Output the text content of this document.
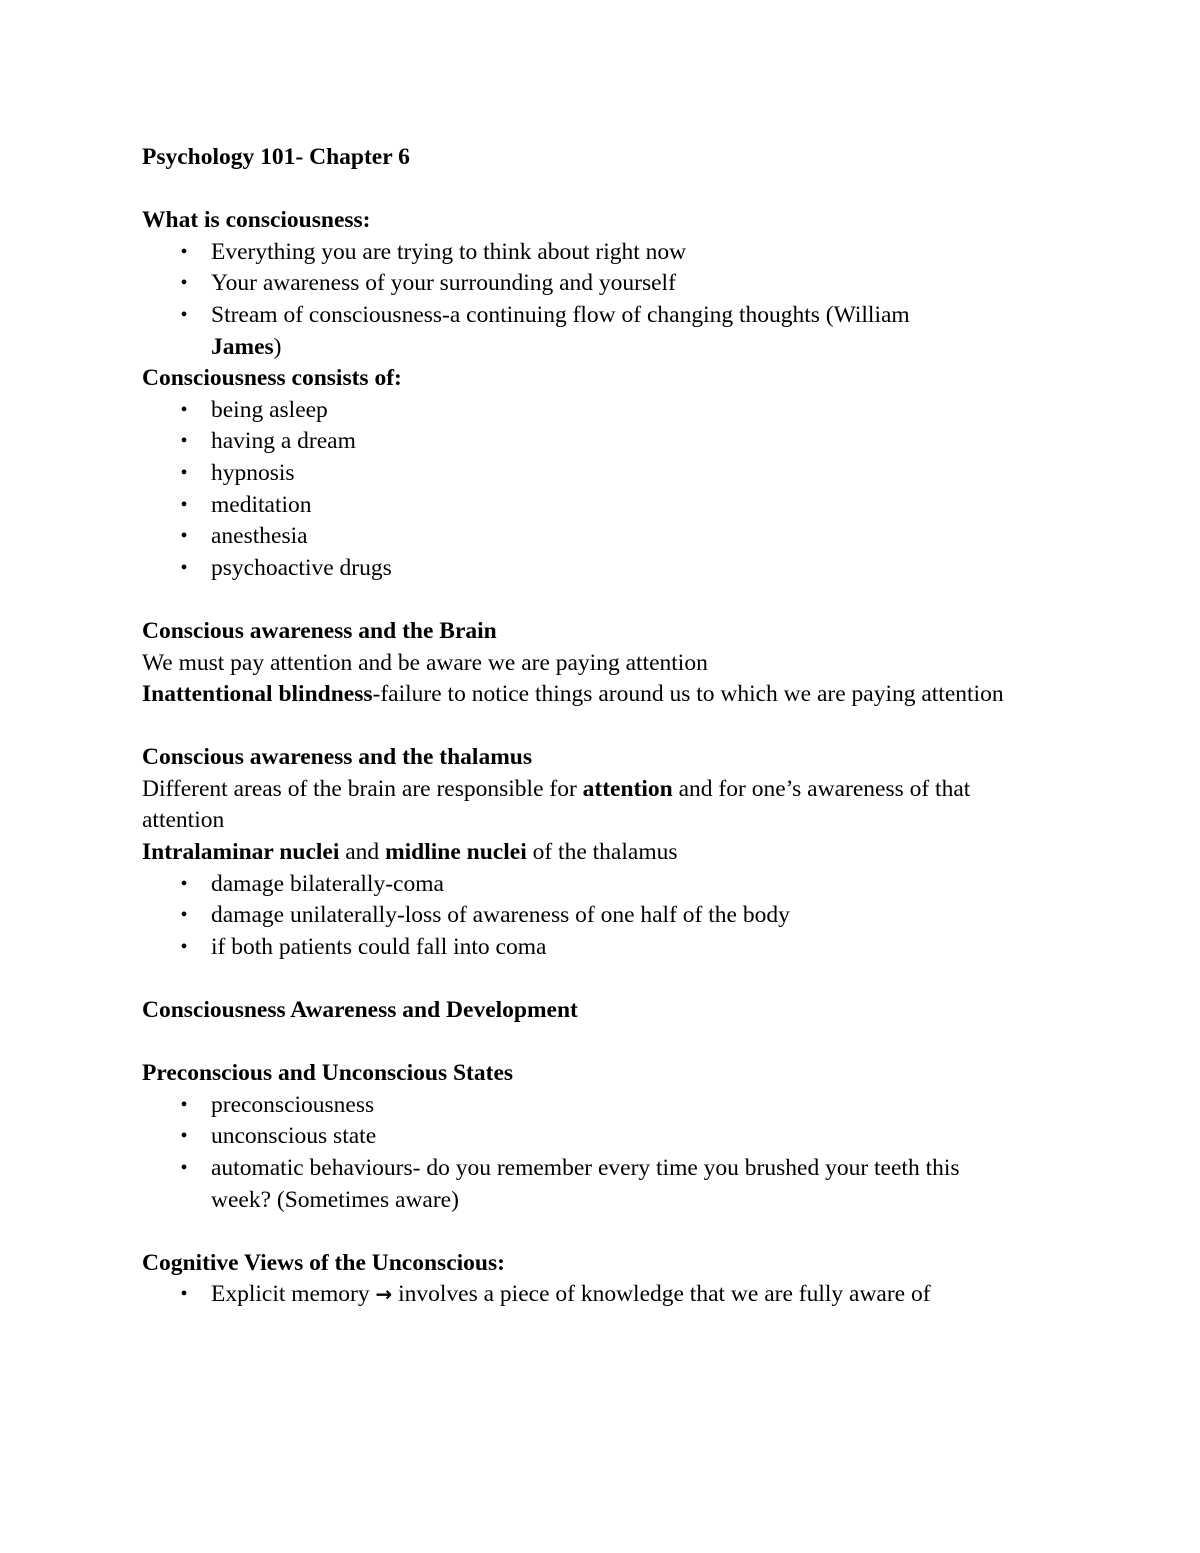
Psychology 101- Chapter 6

What is consciousness:

•
Everything you are trying to think about right now
•
Your awareness of your surrounding and yourself
•
Stream of consciousness-a continuing flow of changing thoughts (William
James)

Consciousness consists of:

•
being asleep
•
having a dream
•
hypnosis
•
meditation
•
anesthesia
•
psychoactive drugs

Conscious awareness and the Brain

We must pay attention and be aware we are paying attention

Inattentional blindness-failure to notice things around us to which we are paying attention

Conscious awareness and the thalamus

Different areas of the brain are responsible for attention and for one’s awareness of that attention

Intralaminar nuclei and midline nuclei of the thalamus

•
damage bilaterally-coma
•
damage unilaterally-loss of awareness of one half of the body
•
if both patients could fall into coma

Consciousness Awareness and Development

Preconscious and Unconscious States

•
preconsciousness
•
unconscious state
•
automatic behaviours- do you remember every time you brushed your teeth this week? (Sometimes aware)

Cognitive Views of the Unconscious:

•
Explicit memory → involves a piece of knowledge that we are fully aware of
